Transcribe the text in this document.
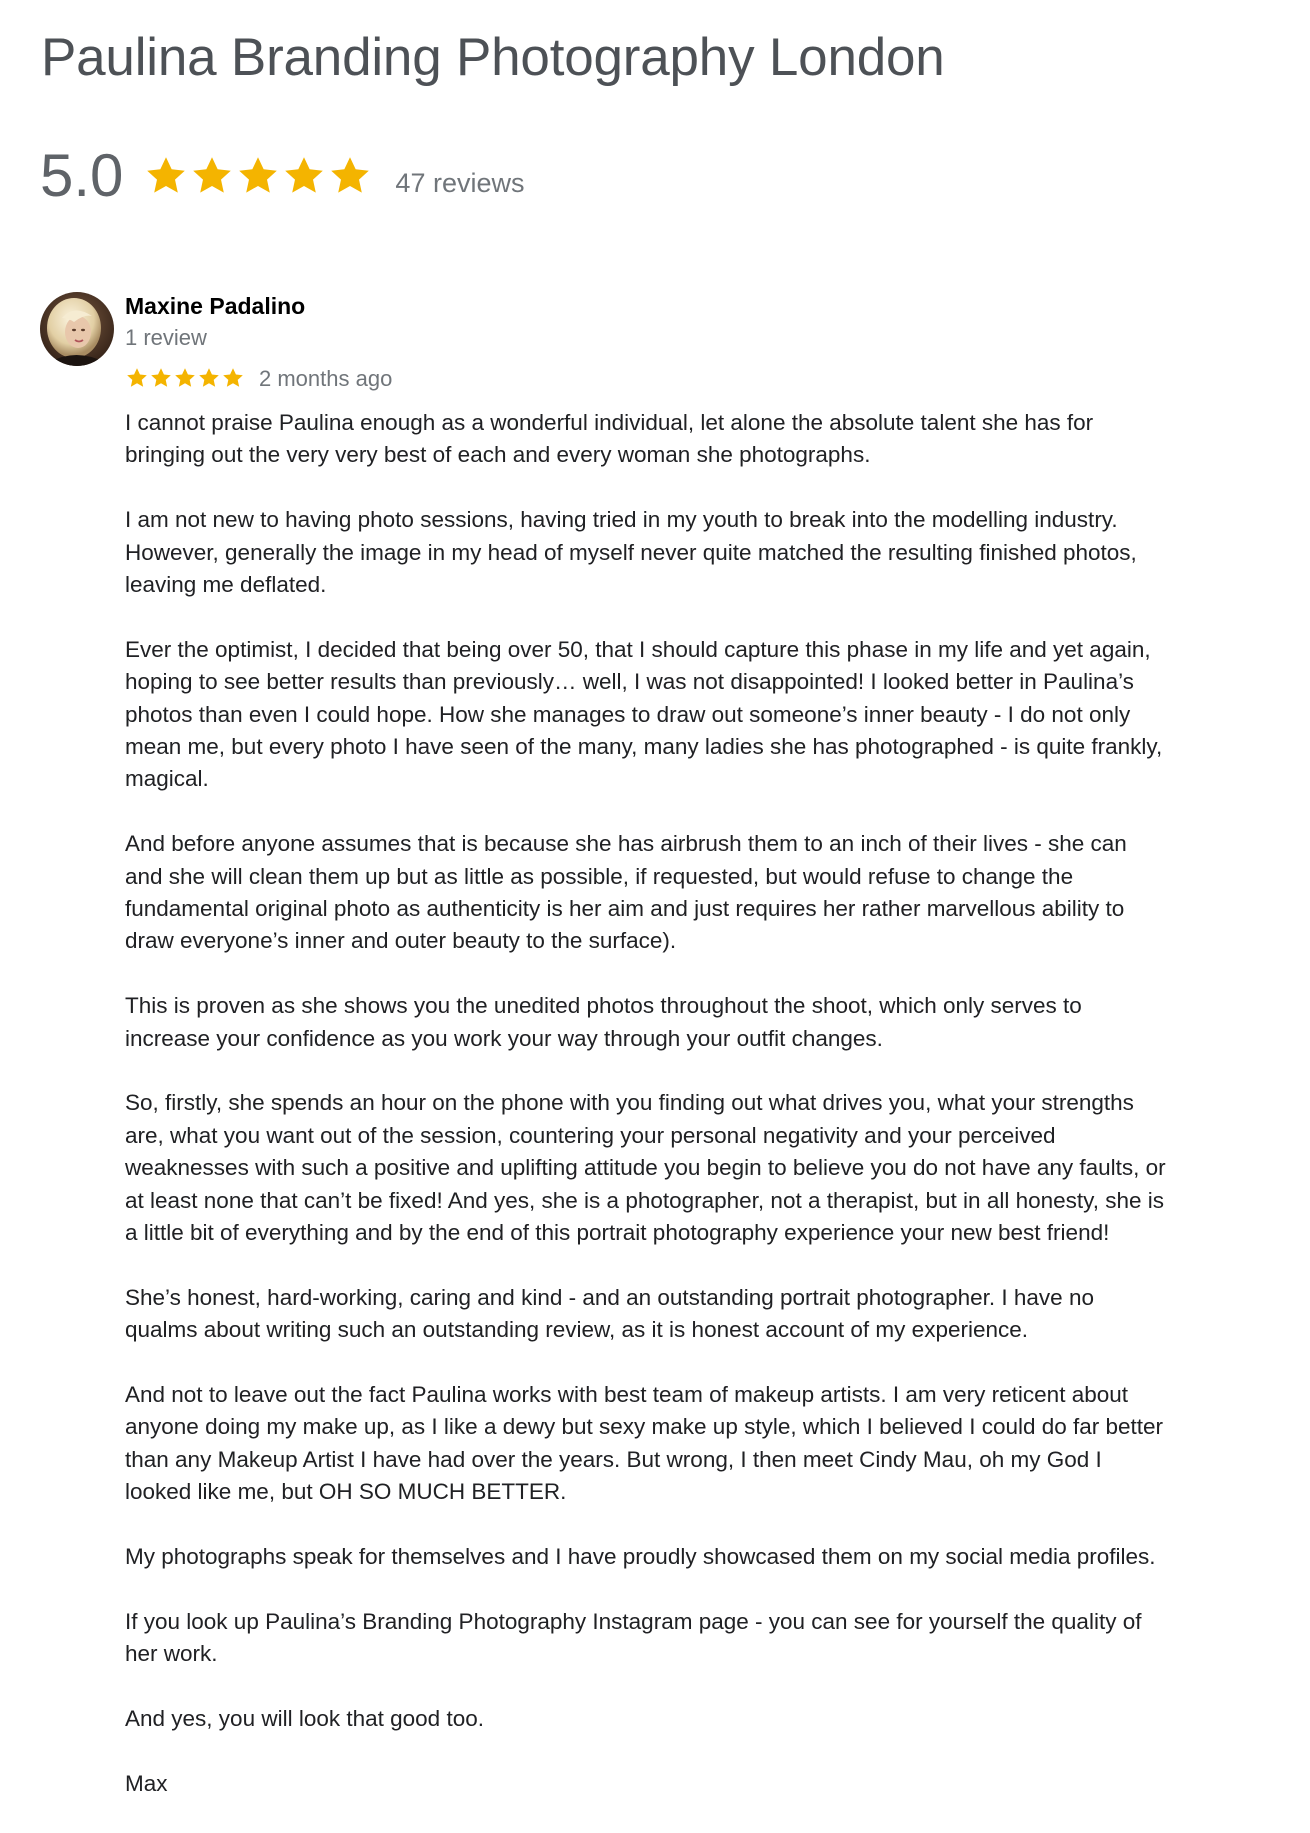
Paulina Branding Photography London
5.0	47 reviews
Maxine Padalino
1 review
2 months ago

I cannot praise Paulina enough as a wonderful individual, let alone the absolute talent she has for
bringing out the very very best of each and every woman she photographs.

I am not new to having photo sessions, having tried in my youth to break into the modelling industry.
However, generally the image in my head of myself never quite matched the resulting finished photos,
leaving me deflated.

Ever the optimist, I decided that being over 50, that I should capture this phase in my life and yet again,
hoping to see better results than previously… well, I was not disappointed! I looked better in Paulina’s
photos than even I could hope. How she manages to draw out someone’s inner beauty - I do not only
mean me, but every photo I have seen of the many, many ladies she has photographed - is quite frankly,
magical.

And before anyone assumes that is because she has airbrush them to an inch of their lives - she can
and she will clean them up but as little as possible, if requested, but would refuse to change the
fundamental original photo as authenticity is her aim and just requires her rather marvellous ability to
draw everyone’s inner and outer beauty to the surface).

This is proven as she shows you the unedited photos throughout the shoot, which only serves to
increase your confidence as you work your way through your outfit changes.

So, firstly, she spends an hour on the phone with you finding out what drives you, what your strengths
are, what you want out of the session, countering your personal negativity and your perceived
weaknesses with such a positive and uplifting attitude you begin to believe you do not have any faults, or
at least none that can’t be fixed! And yes, she is a photographer, not a therapist, but in all honesty, she is
a little bit of everything and by the end of this portrait photography experience your new best friend!

She’s honest, hard-working, caring and kind - and an outstanding portrait photographer. I have no
qualms about writing such an outstanding review, as it is honest account of my experience.

And not to leave out the fact Paulina works with best team of makeup artists. I am very reticent about
anyone doing my make up, as I like a dewy but sexy make up style, which I believed I could do far better
than any Makeup Artist I have had over the years. But wrong, I then meet Cindy Mau, oh my God I
looked like me, but OH SO MUCH BETTER.

My photographs speak for themselves and I have proudly showcased them on my social media profiles.

If you look up Paulina’s Branding Photography Instagram page - you can see for yourself the quality of
her work.

And yes, you will look that good too.

Max
